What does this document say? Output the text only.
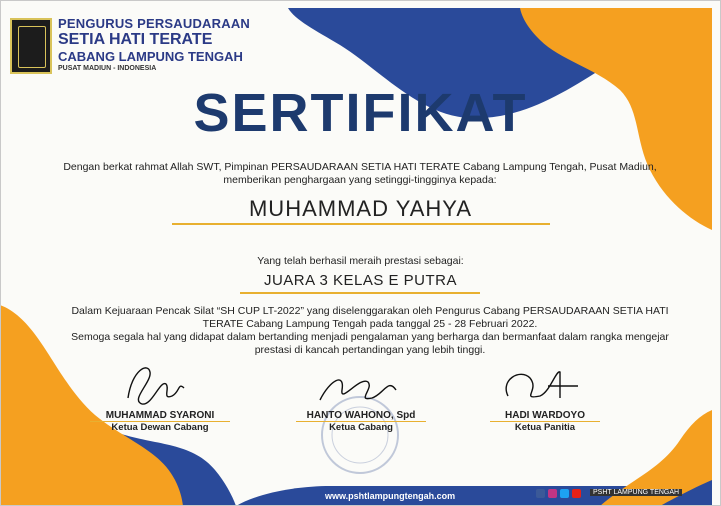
PENGURUS PERSAUDARAAN
SETIA HATI TERATE
CABANG LAMPUNG TENGAH
PUSAT MADIUN - INDONESIA
SERTIFIKAT
Dengan berkat rahmat Allah SWT, Pimpinan PERSAUDARAAN SETIA HATI TERATE Cabang Lampung Tengah, Pusat Madiun, memberikan penghargaan yang setinggi-tingginya kepada:
MUHAMMAD YAHYA
Yang telah berhasil meraih prestasi sebagai:
JUARA 3 KELAS E PUTRA
Dalam Kejuaraan Pencak Silat “SH CUP LT-2022” yang diselenggarakan oleh Pengurus Cabang PERSAUDARAAN SETIA HATI TERATE Cabang Lampung Tengah pada tanggal 25 - 28 Februari 2022.
Semoga segala hal yang didapat dalam bertanding menjadi pengalaman yang berharga dan bermanfaat dalam rangka mengejar prestasi di kancah pertandingan yang lebih tinggi.
MUHAMMAD SYARONI
Ketua Dewan Cabang
HANTO WAHONO, Spd
Ketua Cabang
HADI WARDOYO
Ketua Panitia
www.pshtlampungtengah.com	PSHT LAMPUNG TENGAH
